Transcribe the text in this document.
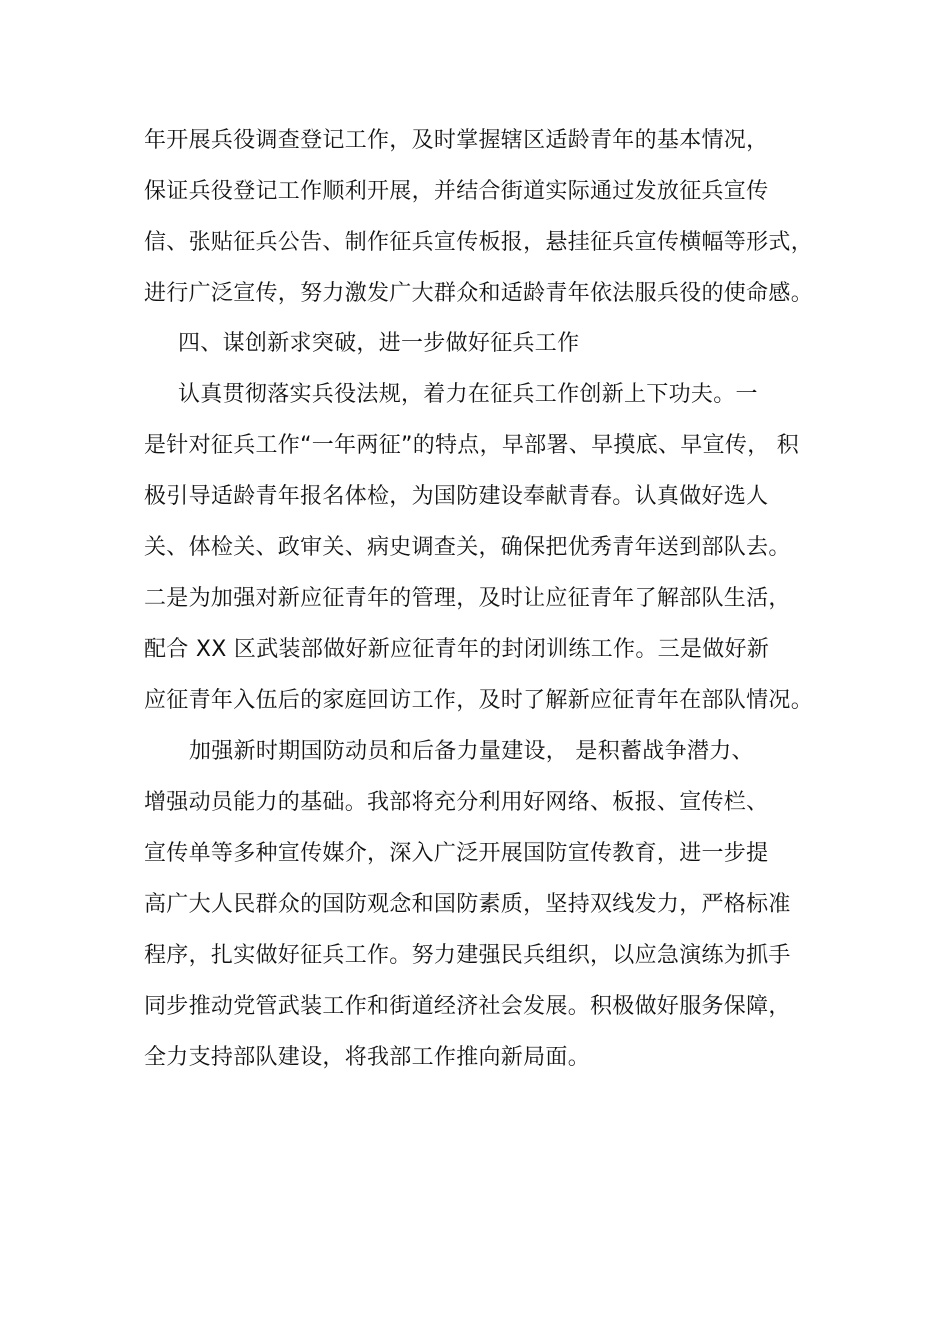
年开展兵役调查登记工作，及时掌握辖区适龄青年的基本情况，
保证兵役登记工作顺利开展，并结合街道实际通过发放征兵宣传
信、张贴征兵公告、制作征兵宣传板报，悬挂征兵宣传横幅等形式，
进行广泛宣传，努力激发广大群众和适龄青年依法服兵役的使命感。
四、谋创新求突破，进一步做好征兵工作
认真贯彻落实兵役法规，着力在征兵工作创新上下功夫。一
是针对征兵工作“一年两征”的特点，早部署、早摸底、早宣传， 积
极引导适龄青年报名体检，为国防建设奉献青春。认真做好选人
关、体检关、政审关、病史调查关，确保把优秀青年送到部队去。
二是为加强对新应征青年的管理，及时让应征青年了解部队生活，
配合 XX 区武装部做好新应征青年的封闭训练工作。三是做好新
应征青年入伍后的家庭回访工作，及时了解新应征青年在部队情况。
加强新时期国防动员和后备力量建设， 是积蓄战争潜力、
增强动员能力的基础。我部将充分利用好网络、板报、宣传栏、
宣传单等多种宣传媒介，深入广泛开展国防宣传教育，进一步提
高广大人民群众的国防观念和国防素质，坚持双线发力，严格标准
程序，扎实做好征兵工作。努力建强民兵组织，以应急演练为抓手
同步推动党管武装工作和街道经济社会发展。积极做好服务保障，
全力支持部队建设，将我部工作推向新局面。
